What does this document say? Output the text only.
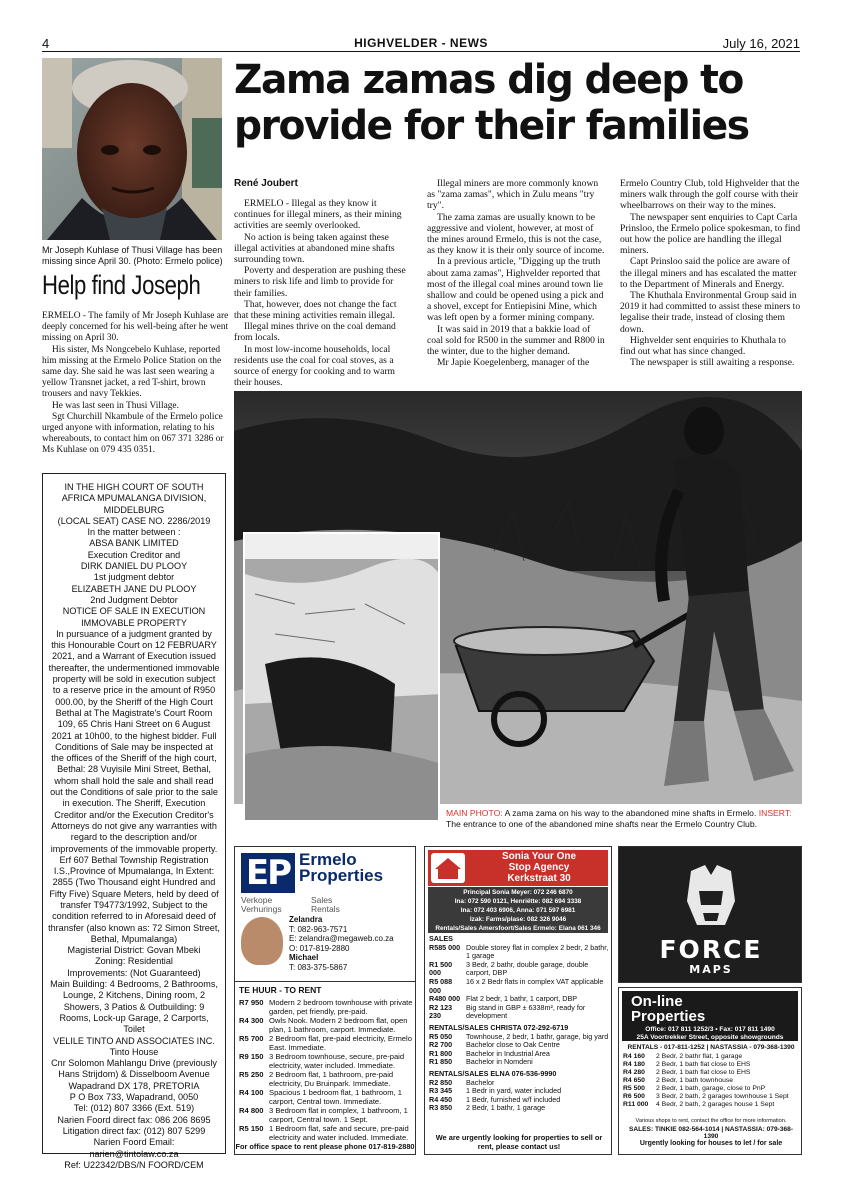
4	HIGHVELDER - NEWS	July 16, 2021
Mr Joseph Kuhlase of Thusi Village has been missing since April 30. (Photo: Ermelo police)
Help find Joseph

ERMELO - The family of Mr Joseph Kuhlase are deeply concerned for his well-being after he went missing on April 30.

His sister, Ms Nongcebelo Kuhlase, reported him missing at the Ermelo Police Station on the same day. She said he was last seen wearing a yellow Transnet jacket, a red T-shirt, brown trousers and navy Tekkies.

He was last seen in Thusi Village.

Sgt Churchill Nkambule of the Ermelo police urged anyone with information, relating to his whereabouts, to contact him on 067 371 3286 or Ms Kuhlase on 079 435 0351.

IN THE HIGH COURT OF SOUTH AFRICA MPUMALANGA DIVISION, MIDDELBURG
(LOCAL SEAT) CASE NO. 2286/2019
In the matter between :
ABSA BANK LIMITED
Execution Creditor and
DIRK DANIEL DU PLOOY
1st judgment debtor
ELIZABETH JANE DU PLOOY
2nd Judgment Debtor
NOTICE OF SALE IN EXECUTION IMMOVABLE PROPERTY
In pursuance of a judgment granted by this Honourable Court on 12 FEBRUARY 2021, and a Warrant of Execution issued thereafter, the undermentioned immovable property will be sold in execution subject to a reserve price in the amount of R950 000.00, by the Sheriff of the High Court Bethal at The Magistrate's Court Room 109, 65 Chris Hani Street on 6 August 2021 at 10h00, to the highest bidder. Full Conditions of Sale may be inspected at the offices of the Sheriff of the high court, Bethal: 28 Vuyisile Mini Street, Bethal, whom shall hold the sale and shall read out the Conditions of sale prior to the sale in execution. The Sheriff, Execution Creditor and/or the Execution Creditor's Attorneys do not give any warranties with regard to the description and/or improvements of the immovable property. Erf 607 Bethal Township Registration I.S.,Province of Mpumalanga, In Extent: 2855 (Two Thousand eight Hundred and Fifty Five) Square Meters, held by deed of transfer T94773/1992, Subject to the condition referred to in Aforesaid deed of thransfer (also known as: 72 Simon Street, Bethal, Mpumalanga)
Magisterial District: Govan Mbeki
Zoning: Residential
Improvements: (Not Guaranteed)
Main Building: 4 Bedrooms, 2 Bathrooms, Lounge, 2 Kitchens, Dining room, 2 Showers, 3 Patios & Outbuilding: 9 Rooms, Lock-up Garage, 2 Carports, Toilet
VELILE TINTO AND ASSOCIATES INC.
Tinto House
Cnr Solomon Mahlangu Drive (previously Hans Strijdom) & Disselboom Avenue
Wapadrand DX 178, PRETORIA
P O Box 733, Wapadrand, 0050
Tel: (012) 807 3366 (Ext. 519)
Narien Foord direct fax: 086 206 8695
Litigation direct fax: (012) 807 5299
Narien Foord Email:
narien@tintolaw.co.za
Ref: U22342/DBS/N FOORD/CEM
Zama zamas dig deep to provide for their families
René Joubert

ERMELO - Illegal as they know it continues for illegal miners, as their mining activities are seemly overlooked.

No action is being taken against these illegal activities at abandoned mine shafts surrounding town.

Poverty and desperation are pushing these miners to risk life and limb to provide for their families.

That, however, does not change the fact that these mining activities remain illegal.

Illegal mines thrive on the coal demand from locals.

In most low-income households, local residents use the coal for coal stoves, as a source of energy for cooking and to warm their houses.

Illegal miners are more commonly known as "zama zamas", which in Zulu means "try try".

The zama zamas are usually known to be aggressive and violent, however, at most of the mines around Ermelo, this is not the case, as they know it is their only source of income.

In a previous article, "Digging up the truth about zama zamas", Highvelder reported that most of the illegal coal mines around town lie shallow and could be opened using a pick and a shovel, except for Entiepisini Mine, which was left open by a former mining company.

It was said in 2019 that a bakkie load of coal sold for R500 in the summer and R800 in the winter, due to the higher demand.

Mr Japie Koegelenberg, manager of the

Ermelo Country Club, told Highvelder that the miners walk through the golf course with their wheelbarrows on their way to the mines.

The newspaper sent enquiries to Capt Carla Prinsloo, the Ermelo police spokesman, to find out how the police are handling the illegal miners.

Capt Prinsloo said the police are aware of the illegal miners and has escalated the matter to the Department of Minerals and Energy.

The Khuthala Environmental Group said in 2019 it had committed to assist these miners to legalise their trade, instead of closing them down.

Highvelder sent enquiries to Khuthala to find out what has since changed.

The newspaper is still awaiting a response.

MAIN PHOTO: A zama zama on his way to the abandoned mine shafts in Ermelo. INSERT: The entrance to one of the abandoned mine shafts near the Ermelo Country Club.
EP Ermelo
Properties
Verkope
Verhurings
Sales
Rentals
Zelandra
T: 082-963-7571
E: zelandra@megaweb.co.za
O: 017-819-2880
Michael
T: 083-375-5867
TE HUUR - TO RENT
R7 950	Modern 2 bedroom townhouse with private garden, pet friendly, pre-paid.
R4 300	Owls Nook. Modern 2 bedroom flat, open plan, 1 bathroom, carport. Immediate.
R5 700	2 Bedroom flat, pre-paid electricity, Ermelo East. Immediate.
R9 150	3 Bedroom townhouse, secure, pre-paid electricity, water included. Immediate.
R5 250	2 Bedroom flat, 1 bathroom, pre-paid electricity, Du Bruinpark. Immediate.
R4 100	Spacious 1 bedroom flat, 1 bathroom, 1 carport, Central town. Immediate.
R4 800	3 Bedroom flat in complex, 1 bathroom, 1 carport, Central town. 1 Sept.
R5 150	1 Bedroom flat, safe and secure, pre-paid electricity and water included. Immediate.
For office space to rent please phone 017-819-2880
Sonia Your One
Stop Agency
Kerkstraat 30
Principal Sonia Meyer: 072 246 6870
Ina: 072 590 0121, Henriëtte: 082 694 3338
Ina: 072 403 6906, Anna: 071 597 6981
Izak: Farms/plase: 082 326 9046
Rentals/Sales Amersfoort/Sales Ermelo: Elana 061 346 1201
SALES
R585 000	Double storey flat in complex 2 bedr, 2 bathr, 1 garage
R1 500 000	3 Bedr, 2 bathr, double garage, double carport, DBP
R5 088 000	16 x 2 Bedr flats in complex VAT applicable
R480 000	Flat 2 bedr, 1 bathr, 1 carport, DBP
R2 123 230	Big stand in GBP ± 6338m², ready for development
RENTALS/SALES CHRISTA 072-292-6719
R5 050	Townhouse, 2 bedr, 1 bathr, garage, big yard
R2 700	Bachelor close to Oak Centre
R1 800	Bachelor in Industrial Area
R1 850	Bachelor in Nomdeni
RENTALS/SALES ELNA 076-536-9990
R2 850	Bachelor
R3 345	1 Bedr in yard, water included
R4 450	1 Bedr, furnished w/f included
R3 850	2 Bedr, 1 bathr, 1 garage
We are urgently looking for properties to sell or rent, please contact us!
FORCE
MAPS
On-line
Properties
Office: 017 811 1252/3 • Fax: 017 811 1490
25A Voortrekker Street, opposite showgrounds
RENTALS - 017-811-1252 | NASTASSIA - 079-368-1390
R4 160	2 Bedr, 2 bathr flat, 1 garage
R4 180	2 Bedr, 1 bath flat close to EHS
R4 280	2 Bedr, 1 bath flat close to EHS
R4 650	2 Bedr, 1 bath townhouse
R5 500	2 Bedr, 1 bath, garage, close to PnP
R6 500	3 Bedr, 2 bath, 2 garages townhouse 1 Sept
R11 000	4 Bedr, 2 bath, 2 garages house 1 Sept
Various shops to rent, contact the office for more information.
SALES: TINKIE 082-564-1014 | NASTASSIA: 079-368-1390
Urgently looking for houses to let / for sale
